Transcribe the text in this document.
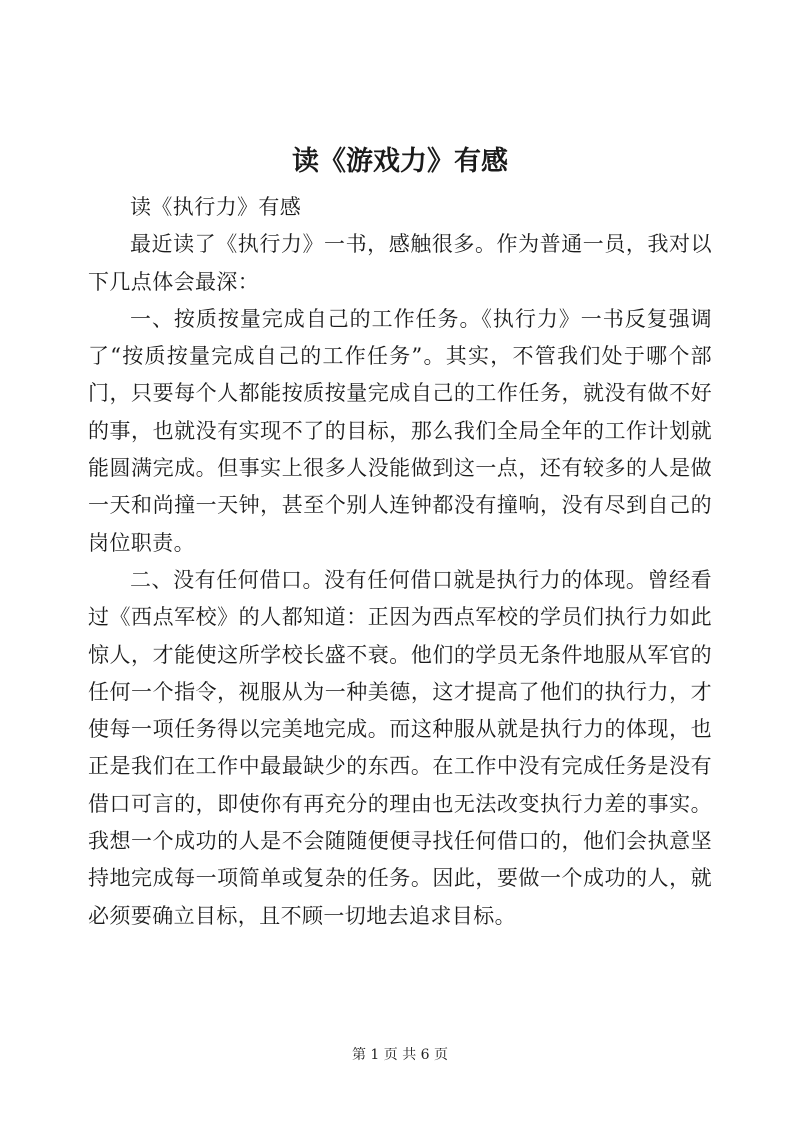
读《游戏力》有感

读《执行力》有感

最近读了《执行力》一书，感触很多。作为普通一员，我对以下几点体会最深：

一、按质按量完成自己的工作任务。《执行力》一书反复强调了“按质按量完成自己的工作任务”。其实，不管我们处于哪个部门，只要每个人都能按质按量完成自己的工作任务，就没有做不好的事，也就没有实现不了的目标，那么我们全局全年的工作计划就能圆满完成。但事实上很多人没能做到这一点，还有较多的人是做一天和尚撞一天钟，甚至个别人连钟都没有撞响，没有尽到自己的岗位职责。

二、没有任何借口。没有任何借口就是执行力的体现。曾经看过《西点军校》的人都知道：正因为西点军校的学员们执行力如此惊人，才能使这所学校长盛不衰。他们的学员无条件地服从军官的任何一个指令，视服从为一种美德，这才提高了他们的执行力，才使每一项任务得以完美地完成。而这种服从就是执行力的体现，也正是我们在工作中最最缺少的东西。在工作中没有完成任务是没有借口可言的，即使你有再充分的理由也无法改变执行力差的事实。我想一个成功的人是不会随随便便寻找任何借口的，他们会执意坚持地完成每一项简单或复杂的任务。因此，要做一个成功的人，就必须要确立目标，且不顾一切地去追求目标。

第 1 页 共 6 页
